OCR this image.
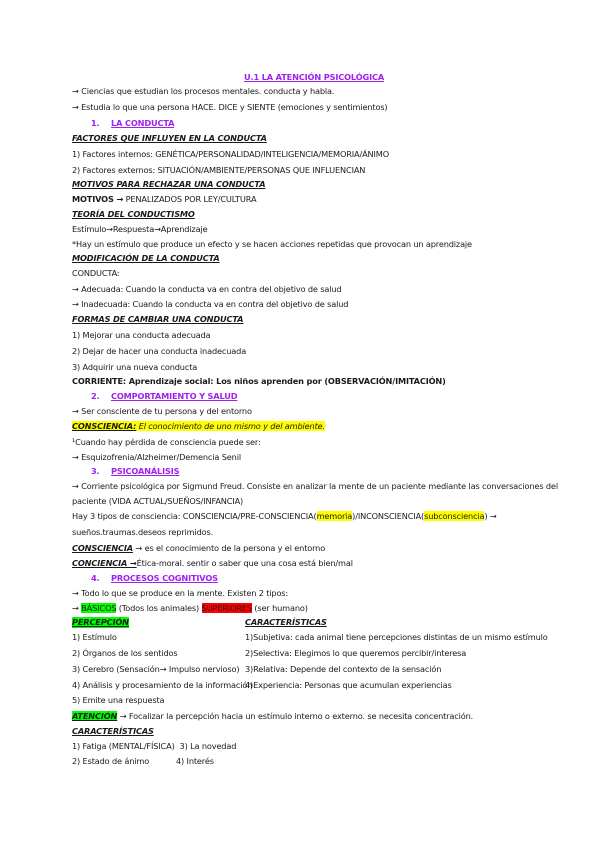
U.1 LA ATENCIÓN PSICOLÓGICA
→ Ciencias que estudian los procesos mentales. conducta y habla.
→ Estudia lo que una persona HACE. DICE y SIENTE (emociones y sentimientos)
1. LA CONDUCTA
FACTORES QUE INFLUYEN EN LA CONDUCTA
1) Factores internos: GENÉTICA/PERSONALIDAD/INTELIGENCIA/MEMORIA/ÁNIMO
2) Factores externos: SITUACIÓN/AMBIENTE/PERSONAS QUE INFLUENCIAN
MOTIVOS PARA RECHAZAR UNA CONDUCTA
MOTIVOS → PENALIZADOS POR LEY/CULTURA
TEORÍA DEL CONDUCTISMO
Estímulo→Respuesta→Aprendizaje
*Hay un estímulo que produce un efecto y se hacen acciones repetidas que provocan un aprendizaje
MODIFICACIÓN DE LA CONDUCTA
CONDUCTA:
→ Adecuada: Cuando la conducta va en contra del objetivo de salud
→ Inadecuada: Cuando la conducta va en contra del objetivo de salud
FORMAS DE CAMBIAR UNA CONDUCTA
1) Mejorar una conducta adecuada
2) Dejar de hacer una conducta inadecuada
3) Adquirir una nueva conducta
CORRIENTE: Aprendizaje social: Los niños aprenden por (OBSERVACIÓN/IMITACIÓN)
2. COMPORTAMIENTO Y SALUD
→ Ser consciente de tu persona y del entorno
CONSCIENCIA: El conocimiento de uno mismo y del ambiente.
¹Cuando hay pérdida de consciencia puede ser:
→ Esquizofrenia/Alzheimer/Demencia Senil
3. PSICOANÁLISIS
→ Corriente psicológica por Sigmund Freud. Consiste en analizar la mente de un paciente mediante las conversaciones del
paciente (VIDA ACTUAL/SUEÑOS/INFANCIA)
Hay 3 tipos de consciencia: CONSCIENCIA/PRE-CONSCIENCIA(memoria)/INCONSCIENCIA(subconsciencia) →
sueños.traumas.deseos reprimidos.
CONSCIENCIA → es el conocimiento de la persona y el entorno
CONCIENCIA →Ética-moral. sentir o saber que una cosa está bien/mal
4. PROCESOS COGNITIVOS
→ Todo lo que se produce en la mente. Existen 2 tipos:
→ BÁSICOS (Todos los animales) SUPERIORES (ser humano)
PERCEPCIÓN	CARACTERÍSTICAS
1) Estímulo
2) Órganos de los sentidos
3) Cerebro (Sensación→ Impulso nervioso)
4) Análisis y procesamiento de la información
5) Emite una respuesta
1)Subjetiva: cada animal tiene percepciones distintas de un mismo estímulo
2)Selectiva: Elegimos lo que queremos percibir/interesa
3)Relativa: Depende del contexto de la sensación
4)Experiencia: Personas que acumulan experiencias
ATENCIÓN → Focalizar la percepción hacia un estímulo interno o externo. se necesita concentración.
CARACTERÍSTICAS
1) Fatiga (MENTAL/FÍSICA) 3) La novedad
2) Estado de ánimo	4) Interés
